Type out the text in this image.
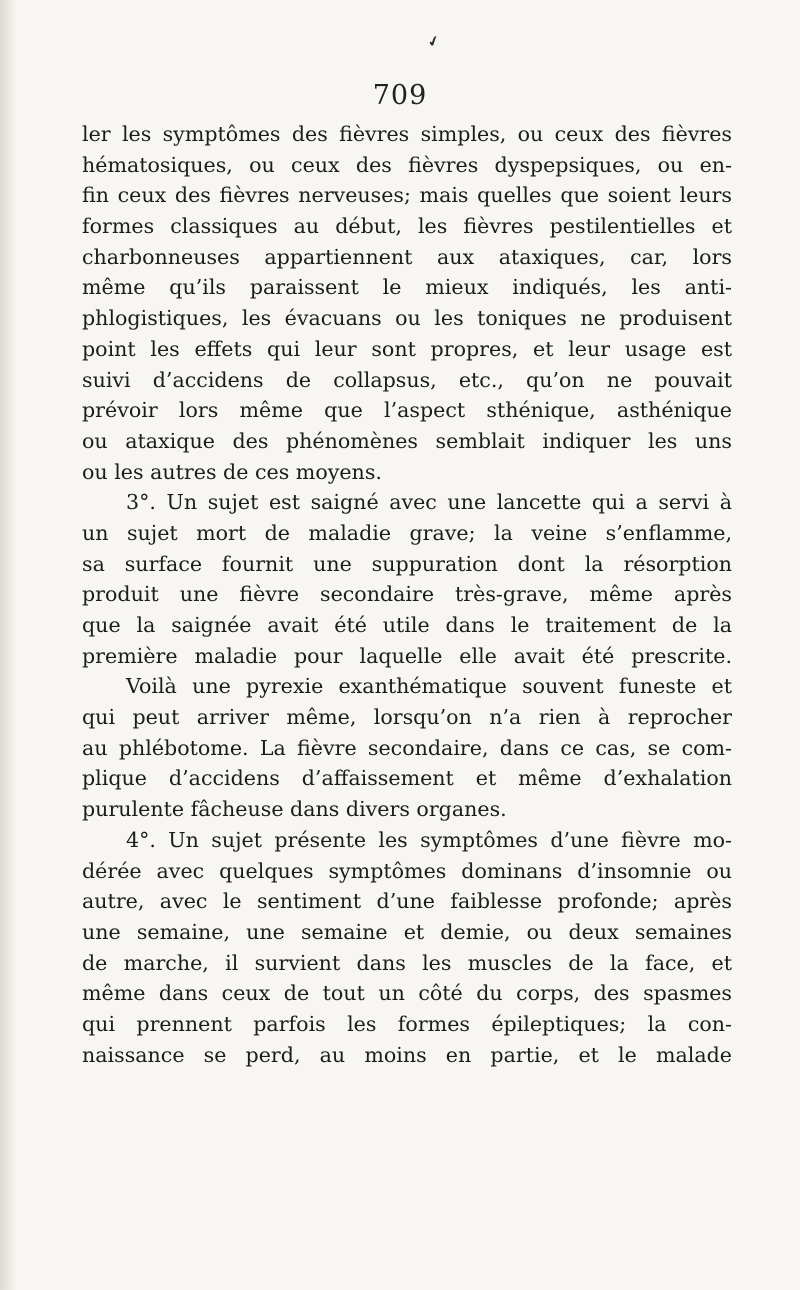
✔
709
ler les symptômes des fièvres simples, ou ceux des fièvres
hématosiques, ou ceux des fièvres dyspepsiques, ou en-
fin ceux des fièvres nerveuses; mais quelles que soient leurs
formes classiques au début, les fièvres pestilentielles et
charbonneuses appartiennent aux ataxiques, car, lors
même qu’ils paraissent le mieux indiqués, les anti-
phlogistiques, les évacuans ou les toniques ne produisent
point les effets qui leur sont propres, et leur usage est
suivi d’accidens de collapsus, etc., qu’on ne pouvait
prévoir lors même que l’aspect sthénique, asthénique
ou ataxique des phénomènes semblait indiquer les uns
ou les autres de ces moyens.
3°. Un sujet est saigné avec une lancette qui a servi à
un sujet mort de maladie grave; la veine s’enflamme,
sa surface fournit une suppuration dont la résorption
produit une fièvre secondaire très-grave, même après
que la saignée avait été utile dans le traitement de la
première maladie pour laquelle elle avait été prescrite.
Voilà une pyrexie exanthématique souvent funeste et
qui peut arriver même, lorsqu’on n’a rien à reprocher
au phlébotome. La fièvre secondaire, dans ce cas, se com-
plique d’accidens d’affaissement et même d’exhalation
purulente fâcheuse dans divers organes.
4°. Un sujet présente les symptômes d’une fièvre mo-
dérée avec quelques symptômes dominans d’insomnie ou
autre, avec le sentiment d’une faiblesse profonde; après
une semaine, une semaine et demie, ou deux semaines
de marche, il survient dans les muscles de la face, et
même dans ceux de tout un côté du corps, des spasmes
qui prennent parfois les formes épileptiques; la con-
naissance se perd, au moins en partie, et le malade
